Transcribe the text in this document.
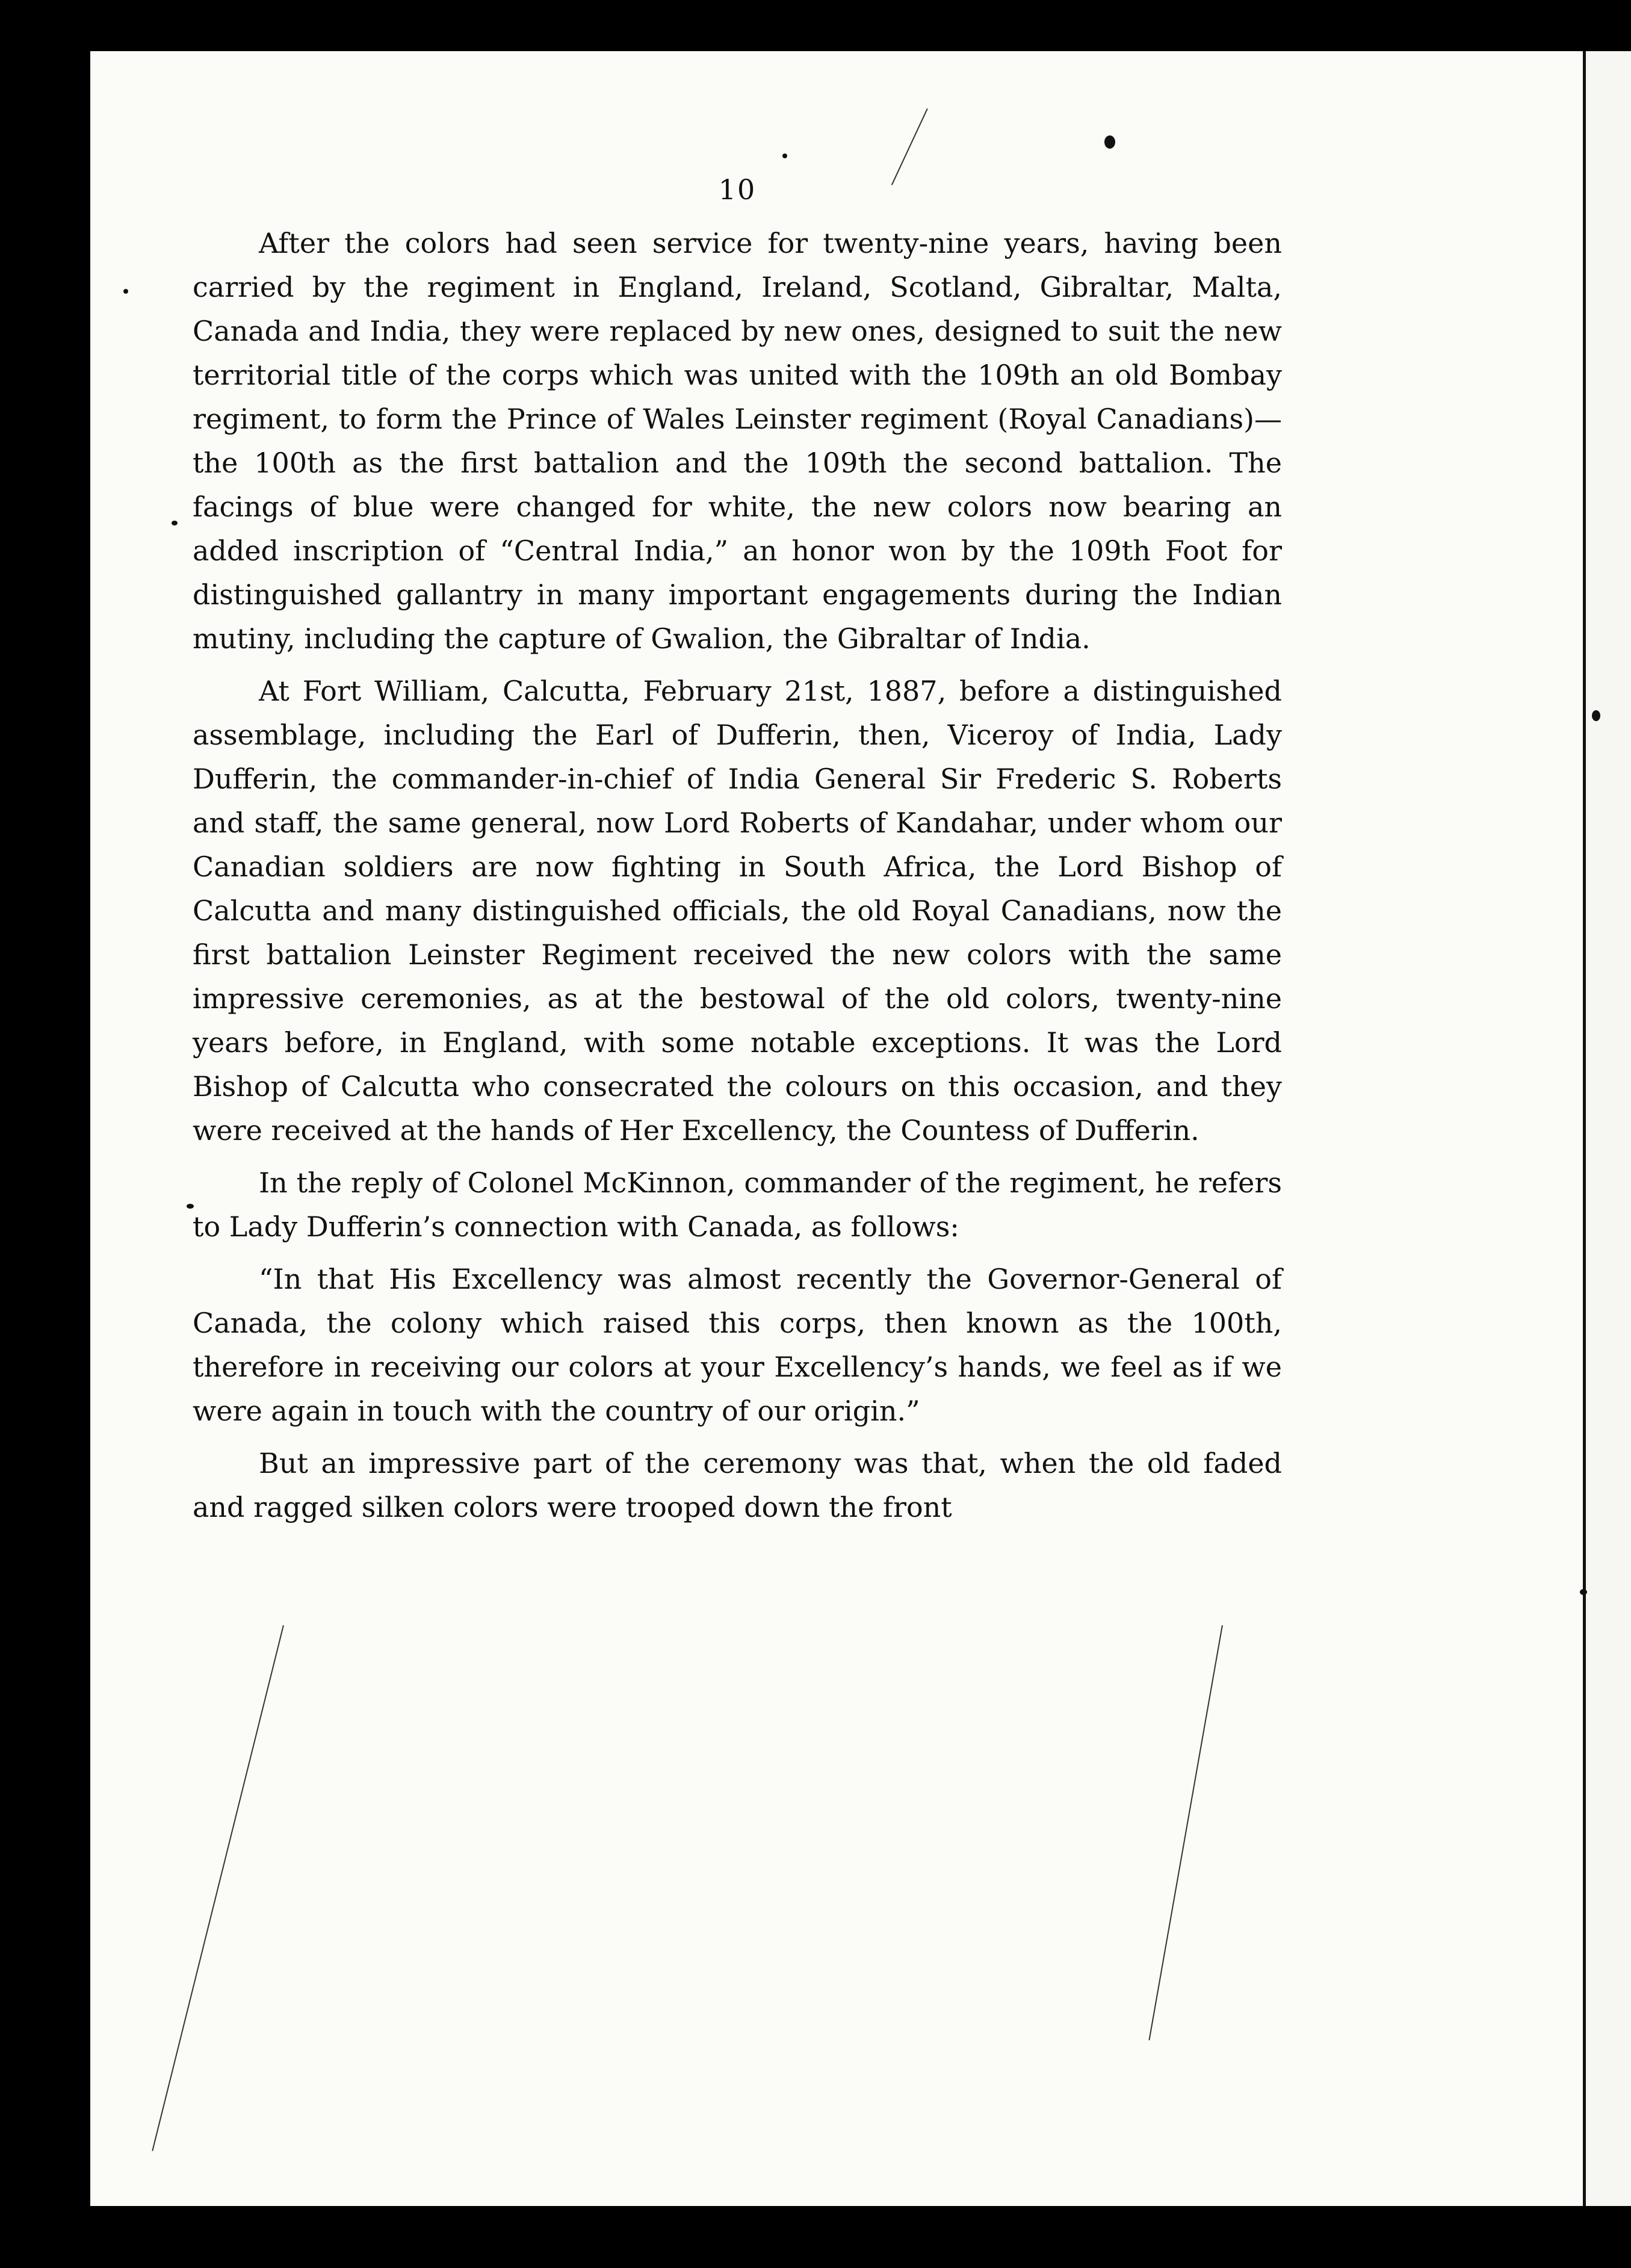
10

After the colors had seen service for twenty-nine years, having been carried by the regiment in England, Ireland, Scotland, Gibraltar, Malta, Canada and India, they were replaced by new ones, designed to suit the new territorial title of the corps which was united with the 109th an old Bombay regiment, to form the Prince of Wales Leinster regiment (Royal Canadians)— the 100th as the first battalion and the 109th the second battalion. The facings of blue were changed for white, the new colors now bearing an added inscription of “Central India,” an honor won by the 109th Foot for distinguished gallantry in many important engagements during the Indian mutiny, including the capture of Gwalion, the Gibraltar of India.

At Fort William, Calcutta, February 21st, 1887, before a distinguished assemblage, including the Earl of Dufferin, then, Viceroy of India, Lady Dufferin, the commander-in-chief of India General Sir Frederic S. Roberts and staff, the same general, now Lord Roberts of Kandahar, under whom our Canadian soldiers are now fighting in South Africa, the Lord Bishop of Calcutta and many distinguished officials, the old Royal Canadians, now the first battalion Leinster Regiment received the new colors with the same impressive ceremonies, as at the bestowal of the old colors, twenty-nine years before, in England, with some notable exceptions. It was the Lord Bishop of Calcutta who consecrated the colours on this occasion, and they were received at the hands of Her Excellency, the Countess of Dufferin.

In the reply of Colonel McKinnon, commander of the regiment, he refers to Lady Dufferin’s connection with Canada, as follows:

“In that His Excellency was almost recently the Governor-General of Canada, the colony which raised this corps, then known as the 100th, therefore in receiving our colors at your Excellency’s hands, we feel as if we were again in touch with the country of our origin.”

But an impressive part of the ceremony was that, when the old faded and ragged silken colors were trooped down the front
